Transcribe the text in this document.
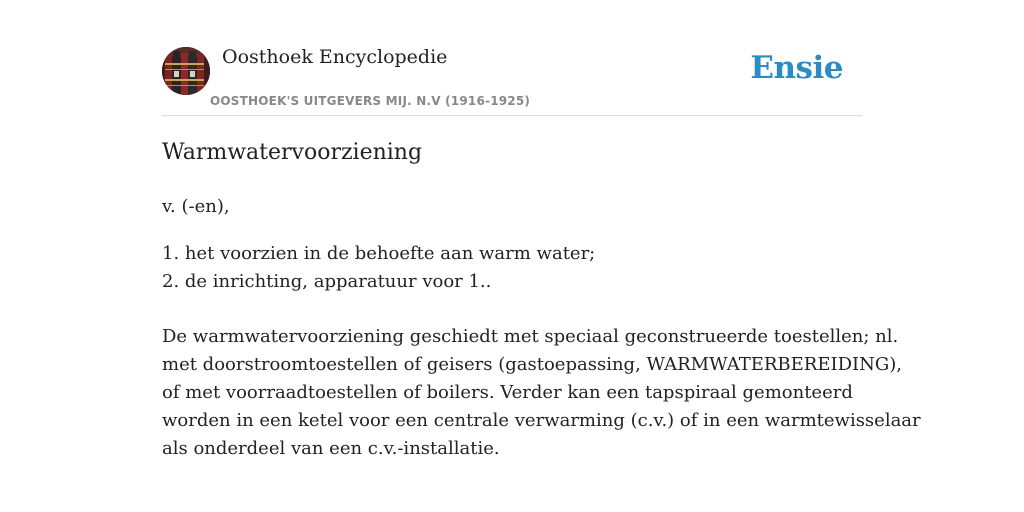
Oosthoek Encyclopedie
OOSTHOEK'S UITGEVERS MIJ. N.V (1916-1925)
Ensie
Warmwatervoorziening
v. (-en),
1. het voorzien in de behoefte aan warm water;
2. de inrichting, apparatuur voor 1..
De warmwatervoorziening geschiedt met speciaal geconstrueerde toestellen; nl.
met doorstroomtoestellen of geisers (gastoepassing, WARMWATERBEREIDING),
of met voorraadtoestellen of boilers. Verder kan een tapspiraal gemonteerd
worden in een ketel voor een centrale verwarming (c.v.) of in een warmtewisselaar
als onderdeel van een c.v.-installatie.
